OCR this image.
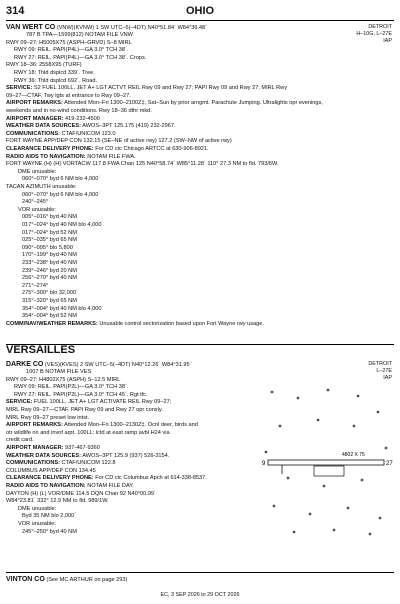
314	OHIO
VAN WERT CO (VNW)(KVNW) 1 SW UTC–5(–4DT) N40°51.84´ W84°36.48´	DETROIT
H–10G, L–27E
IAP
787 B TPA—1599(812) NOTAM FILE VNW
RWY 09–27: H5005X75 (ASPH–GRVD) S–8 MIRL
RWY 09: REIL. PAPI(P4L)—GA 3.0° TCH 38´.
RWY 27: REIL. PAPI(P4L)—GA 3.0° TCH 38´. Crops.
RWY 18–36: 2558X95 (TURF)
RWY 18: Thld dsplcd 339´. Tree.
RWY 36: Thld dsplcd 692´. Road.
SERVICE: S2 FUEL 100LL, JET A+ LGT ACTVT REIL Rwy 09 and Rwy 27; PAPI Rwy 09 and Rwy 27; MIRL Rwy
09–27—CTAF. Twy lgts at entrance to Rwy 09–27.
AIRPORT REMARKS: Attended Mon–Fri 1300–2100Z‡, Sat–Sun by prior arngmt. Parachute Jumping. Ultralights opr evenings,
weekends and in no-wind conditions. Rwy 18–36 dthr mkd.
AIRPORT MANAGER: 419-232-4500
WEATHER DATA SOURCES: AWOS–3PT 125.175 (419) 232-2967.
COMMUNICATIONS: CTAF/UNICOM 123.0
FORT WAYNE APP/DEP CON 132.15 (SE–NE of active rwy) 127.2 (SW–NW of active rwy)
CLEARANCE DELIVERY PHONE: For CD ctc Chicago ARTCC at 630-906-8921.
RADIO AIDS TO NAVIGATION: NOTAM FILE FWA.
FORT WAYNE (H) (H) VORTACW 117.8 FWA Chan 125 N40°58.74´ W85°11.28´ 110° 27.3 NM to fld. 793/6W.
DME unusable:
060°–070° byd 6 NM blo 4,000´
TACAN AZIMUTH unusable:
060°–070° byd 6 NM blo 4,000´
240°–245°
VOR unusable:
005°–016° byd 40 NM
017°–024° byd 40 NM blo 4,000´
017°–024° byd 52 NM
025°–035° byd 65 NM
090°–095° blo 5,800´
170°–199° byd 40 NM
233°–238° byd 40 NM
239°–246° byd 20 NM
256°–270° byd 40 NM
271°–274°
275°–300° blo 32,000´
315°–320° byd 65 NM
354°–004° byd 40 NM blo 4,000´
354°–004° byd 52 NM
COMM/NAV/WEATHER REMARKS: Unusable control sectorization based upon Fort Wayne rwy usage.
VERSAILLES
DARKE CO (VES)(KVES) 2 SW UTC–5(–4DT) N40°12.26´ W84°31.95´	DETROIT
L–27E
IAP
1007 B NOTAM FILE VES
RWY 09–27: H4802X75 (ASPH) S–12.5 MIRL
RWY 09: REIL. PAPI(P2L)—GA 3.0° TCH 38´.
RWY 27: REIL. PAPI(P2L)—GA 3.0° TCH 45´. Rgt tfc.
SERVICE: FUEL 100LL, JET A+ LGT ACTIVATE REIL Rwy 09–27;
MIRL Rwy 09–27—CTAF. PAPI Rwy 09 and Rwy 27 opr consly.
MIRL Rwy 09–27 preset low intst.
AIRPORT REMARKS: Attended Mon–Fri 1300–2130Z‡. Ocnl deer, birds and
otr wildlife on and invof arpt. 100LL: lctd at east ramp avbl H24 via
credit card.
AIRPORT MANAGER: 937-467-9360
WEATHER DATA SOURCES: AWOS–3PT 125.9 (937) 526-3154.
COMMUNICATIONS: CTAF/UNICOM 122.8
COLUMBUS APP/DEP CON 134.45
CLEARANCE DELIVERY PHONE: For CD ctc Columbus Apch at 614-338-8537.
RADIO AIDS TO NAVIGATION: NOTAM FILE DAY.
DAYTON (H) (L) VOR/DME 114.5 DQN Chan 92 N40°00.99´
W84°23.81´ 332° 12.9 NM to fld. 989/1W.
DME unusable:
Byd 35 NM blo 2,000´
VOR unusable:
245°–250° byd 40 NM
9	27
4802 X 75
VINTON CO (See MC ARTHUR on page 293)
EC, 3 SEP 2026 to 29 OCT 2026
